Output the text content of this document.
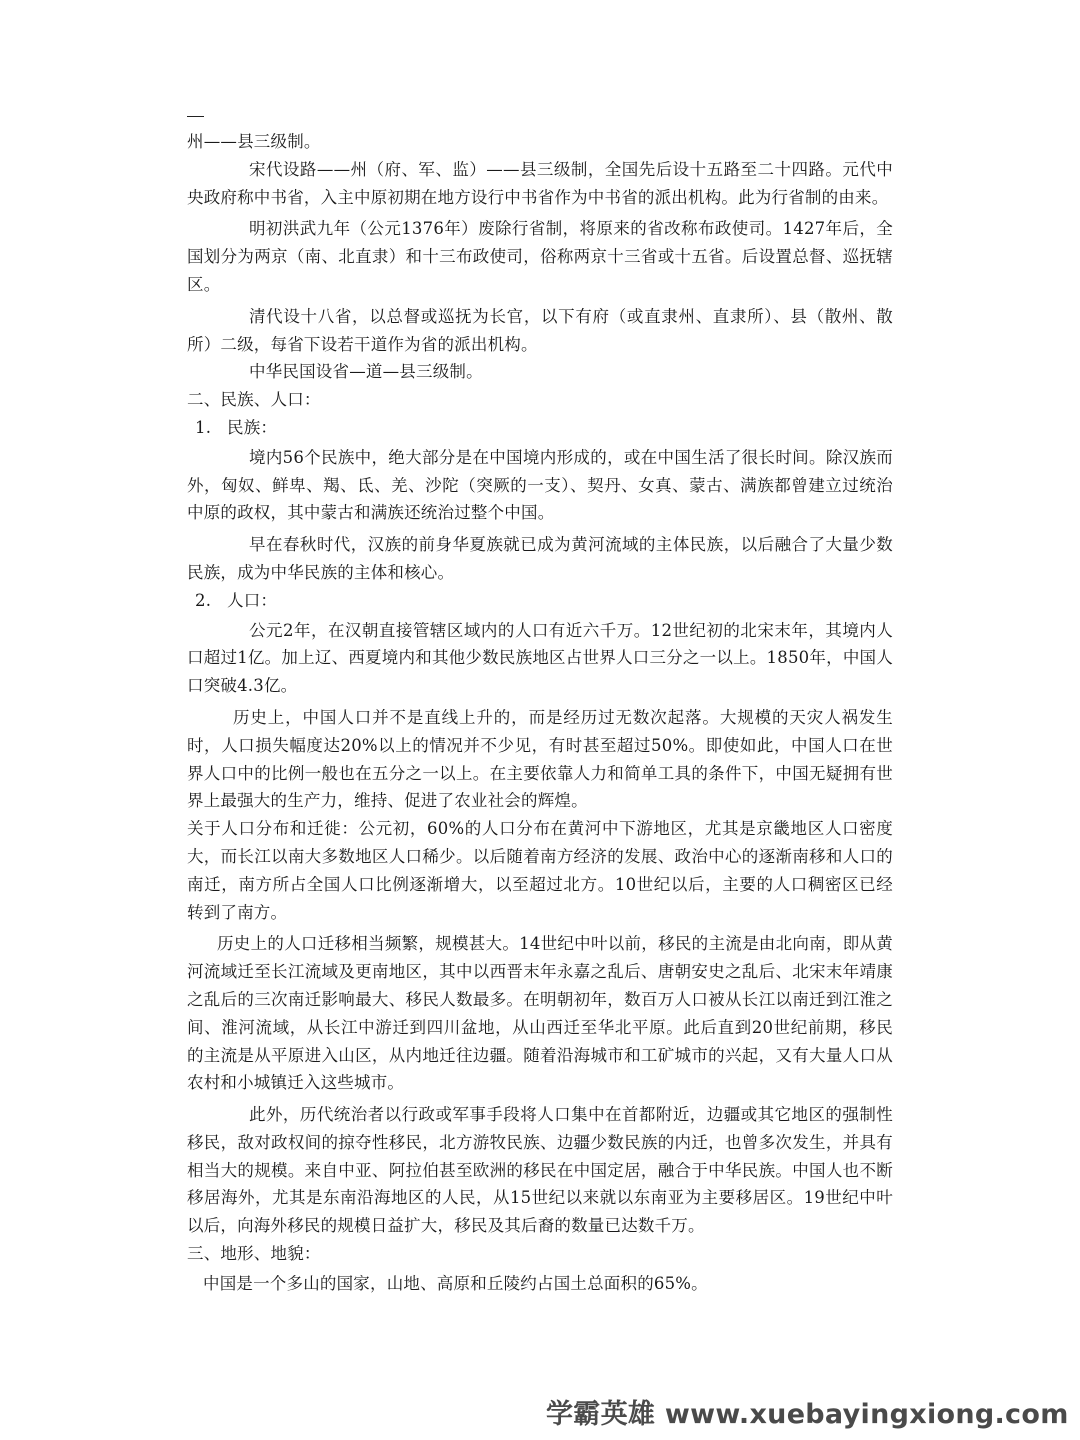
州——县三级制。

宋代设路——州（府、军、监）——县三级制，全国先后设十五路至二十四路。元代中央政府称中书省，入主中原初期在地方设行中书省作为中书省的派出机构。此为行省制的由来。

明初洪武九年（公元1376年）废除行省制，将原来的省改称布政使司。1427年后，全国划分为两京（南、北直隶）和十三布政使司，俗称两京十三省或十五省。后设置总督、巡抚辖区。

清代设十八省，以总督或巡抚为长官，以下有府（或直隶州、直隶所）、县（散州、散所）二级，每省下设若干道作为省的派出机构。

中华民国设省—道—县三级制。

二、民族、人口：

1. 民族：

境内56个民族中，绝大部分是在中国境内形成的，或在中国生活了很长时间。除汉族而外，匈奴、鲜卑、羯、氐、羌、沙陀（突厥的一支）、契丹、女真、蒙古、满族都曾建立过统治中原的政权，其中蒙古和满族还统治过整个中国。

早在春秋时代，汉族的前身华夏族就已成为黄河流域的主体民族，以后融合了大量少数民族，成为中华民族的主体和核心。

2. 人口：

公元2年，在汉朝直接管辖区域内的人口有近六千万。12世纪初的北宋末年，其境内人口超过1亿。加上辽、西夏境内和其他少数民族地区占世界人口三分之一以上。1850年，中国人口突破4.3亿。

历史上，中国人口并不是直线上升的，而是经历过无数次起落。大规模的天灾人祸发生时，人口损失幅度达20%以上的情况并不少见，有时甚至超过50%。即使如此，中国人口在世界人口中的比例一般也在五分之一以上。在主要依靠人力和简单工具的条件下，中国无疑拥有世界上最强大的生产力，维持、促进了农业社会的辉煌。

关于人口分布和迁徙：公元初，60%的人口分布在黄河中下游地区，尤其是京畿地区人口密度大，而长江以南大多数地区人口稀少。以后随着南方经济的发展、政治中心的逐渐南移和人口的南迁，南方所占全国人口比例逐渐增大，以至超过北方。10世纪以后，主要的人口稠密区已经转到了南方。

历史上的人口迁移相当频繁，规模甚大。14世纪中叶以前，移民的主流是由北向南，即从黄河流域迁至长江流域及更南地区，其中以西晋末年永嘉之乱后、唐朝安史之乱后、北宋末年靖康之乱后的三次南迁影响最大、移民人数最多。在明朝初年，数百万人口被从长江以南迁到江淮之间、淮河流域，从长江中游迁到四川盆地，从山西迁至华北平原。此后直到20世纪前期，移民的主流是从平原进入山区，从内地迁往边疆。随着沿海城市和工矿城市的兴起，又有大量人口从农村和小城镇迁入这些城市。

此外，历代统治者以行政或军事手段将人口集中在首都附近，边疆或其它地区的强制性移民，敌对政权间的掠夺性移民，北方游牧民族、边疆少数民族的内迁，也曾多次发生，并具有相当大的规模。来自中亚、阿拉伯甚至欧洲的移民在中国定居，融合于中华民族。中国人也不断移居海外，尤其是东南沿海地区的人民，从15世纪以来就以东南亚为主要移居区。19世纪中叶以后，向海外移民的规模日益扩大，移民及其后裔的数量已达数千万。

三、地形、地貌：

中国是一个多山的国家，山地、高原和丘陵约占国土总面积的65%。

学霸英雄 www.xuebayingxiong.com
